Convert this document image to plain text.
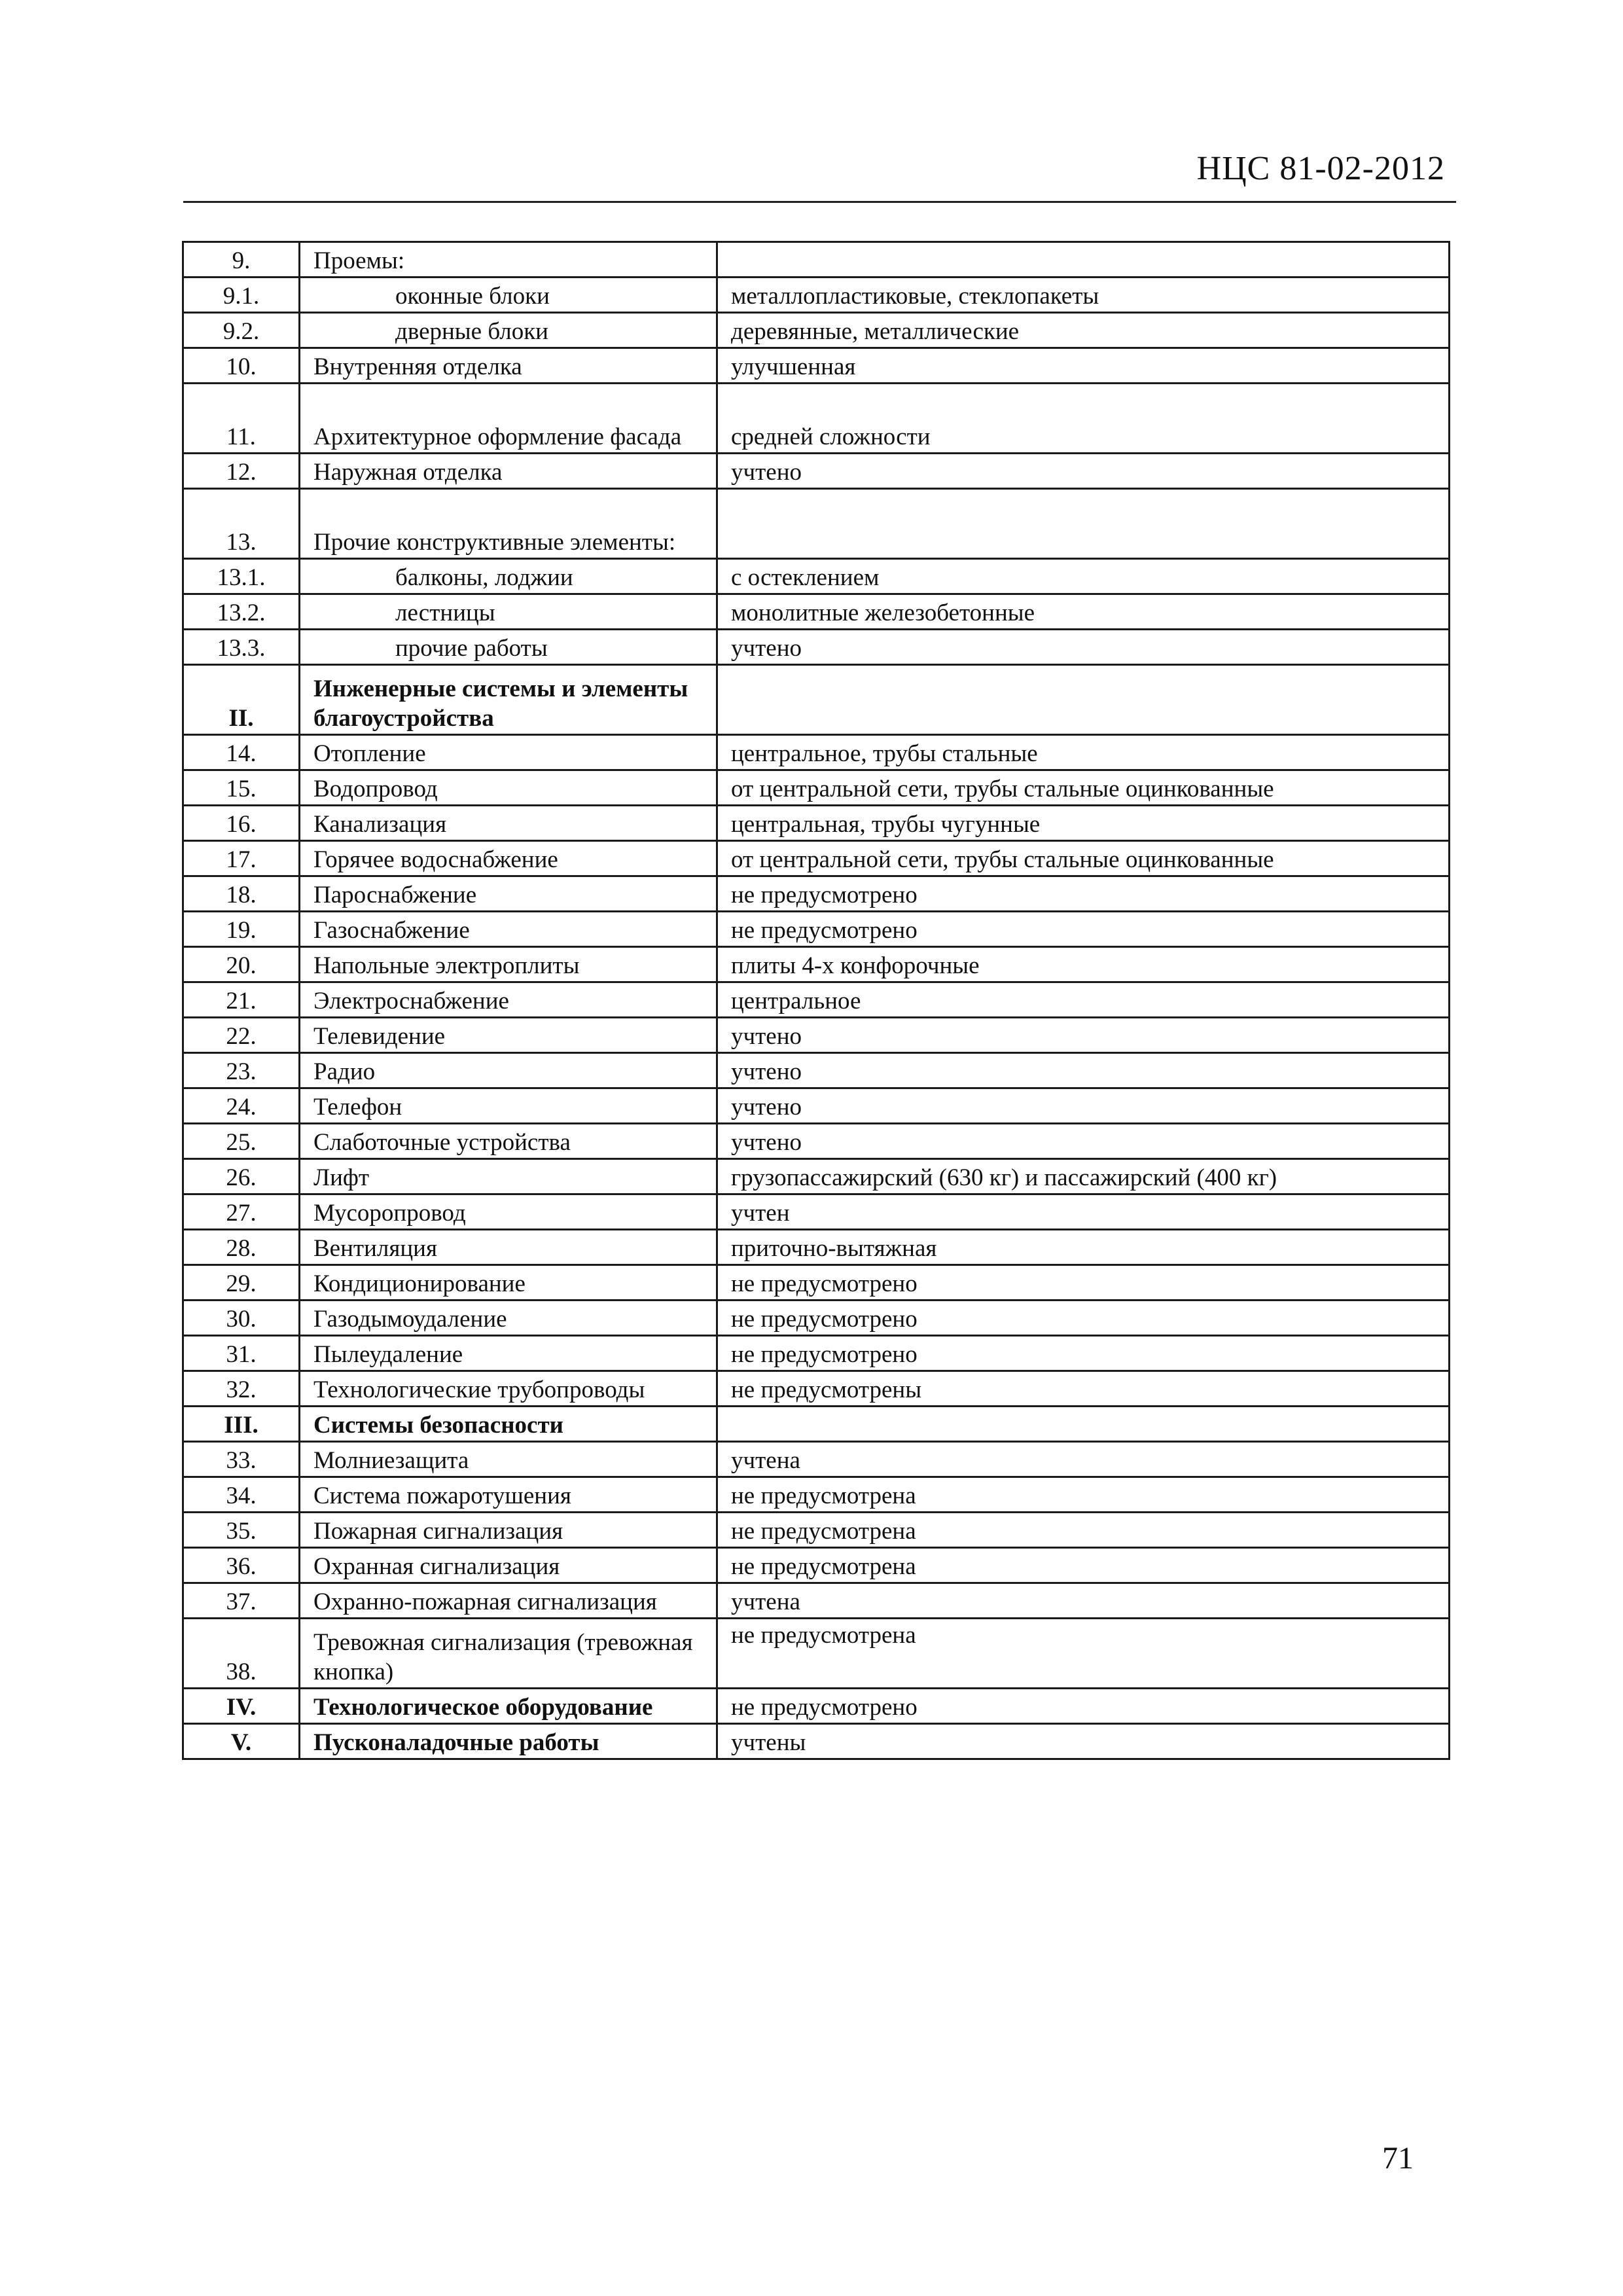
НЦС 81-02-2012
9.	Проемы:	
9.1.	оконные блоки	металлопластиковые, стеклопакеты
9.2.	дверные блоки	деревянные, металлические
10.	Внутренняя отделка	улучшенная
11.	Архитектурное оформление фасада	средней сложности
12.	Наружная отделка	учтено
13.	Прочие конструктивные элементы:	
13.1.	балконы, лоджии	с остеклением
13.2.	лестницы	монолитные железобетонные
13.3.	прочие работы	учтено
II.	Инженерные системы и элементы благоустройства	
14.	Отопление	центральное, трубы стальные
15.	Водопровод	от центральной сети, трубы стальные оцинкованные
16.	Канализация	центральная, трубы чугунные
17.	Горячее водоснабжение	от центральной сети, трубы стальные оцинкованные
18.	Пароснабжение	не предусмотрено
19.	Газоснабжение	не предусмотрено
20.	Напольные электроплиты	плиты 4-х конфорочные
21.	Электроснабжение	центральное
22.	Телевидение	учтено
23.	Радио	учтено
24.	Телефон	учтено
25.	Слаботочные устройства	учтено
26.	Лифт	грузопассажирский (630 кг) и пассажирский (400 кг)
27.	Мусоропровод	учтен
28.	Вентиляция	приточно-вытяжная
29.	Кондиционирование	не предусмотрено
30.	Газодымоудаление	не предусмотрено
31.	Пылеудаление	не предусмотрено
32.	Технологические трубопроводы	не предусмотрены
III.	Системы безопасности	
33.	Молниезащита	учтена
34.	Система пожаротушения	не предусмотрена
35.	Пожарная сигнализация	не предусмотрена
36.	Охранная сигнализация	не предусмотрена
37.	Охранно-пожарная сигнализация	учтена
38.	Тревожная сигнализация (тревожная кнопка)	не предусмотрена
IV.	Технологическое оборудование	не предусмотрено
V.	Пусконаладочные работы	учтены
71
